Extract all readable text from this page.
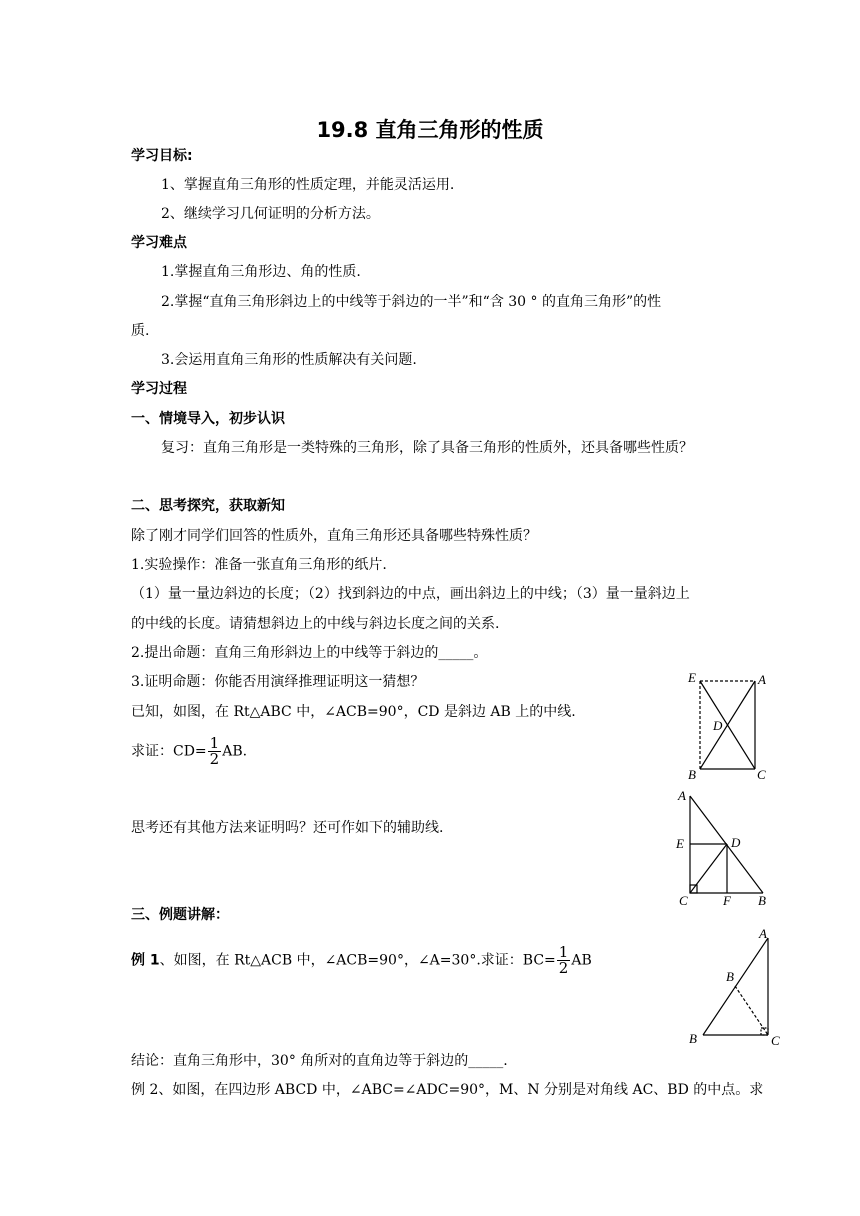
19.8 直角三角形的性质
学习目标:
1、掌握直角三角形的性质定理，并能灵活运用.
2、继续学习几何证明的分析方法。
学习难点
1.掌握直角三角形边、角的性质.
2.掌握“直角三角形斜边上的中线等于斜边的一半”和“含 30 ° 的直角三角形”的性
质.
3.会运用直角三角形的性质解决有关问题.
学习过程
一、情境导入，初步认识
复习：直角三角形是一类特殊的三角形，除了具备三角形的性质外，还具备哪些性质？
二、思考探究，获取新知
除了刚才同学们回答的性质外，直角三角形还具备哪些特殊性质？
1.实验操作：准备一张直角三角形的纸片.
（1）量一量边斜边的长度；（2）找到斜边的中点，画出斜边上的中线；（3）量一量斜边上
的中线的长度。请猜想斜边上的中线与斜边长度之间的关系.
2.提出命题：直角三角形斜边上的中线等于斜边的_____。
3.证明命题：你能否用演绎推理证明这一猜想？
已知，如图，在 Rt△ABC 中，∠ACB=90°，CD 是斜边 AB 上的中线.
求证：$CD= \frac{1}{2}$ AB.
思考还有其他方法来证明吗？还可作如下的辅助线.
三、例题讲解：
例 1、如图，在 Rt△ACB 中，∠ACB=90°，∠A=30°.求证：$BC= \frac{1}{2}$ AB
结论：直角三角形中，30° 角所对的直角边等于斜边的_____.
例 2、如图，在四边形 ABCD 中，∠ABC=∠ADC=90°，M、N 分别是对角线 AC、BD 的中点。求
E	A
D
B	C
A
E	D
C	F B
A
B
B	C
